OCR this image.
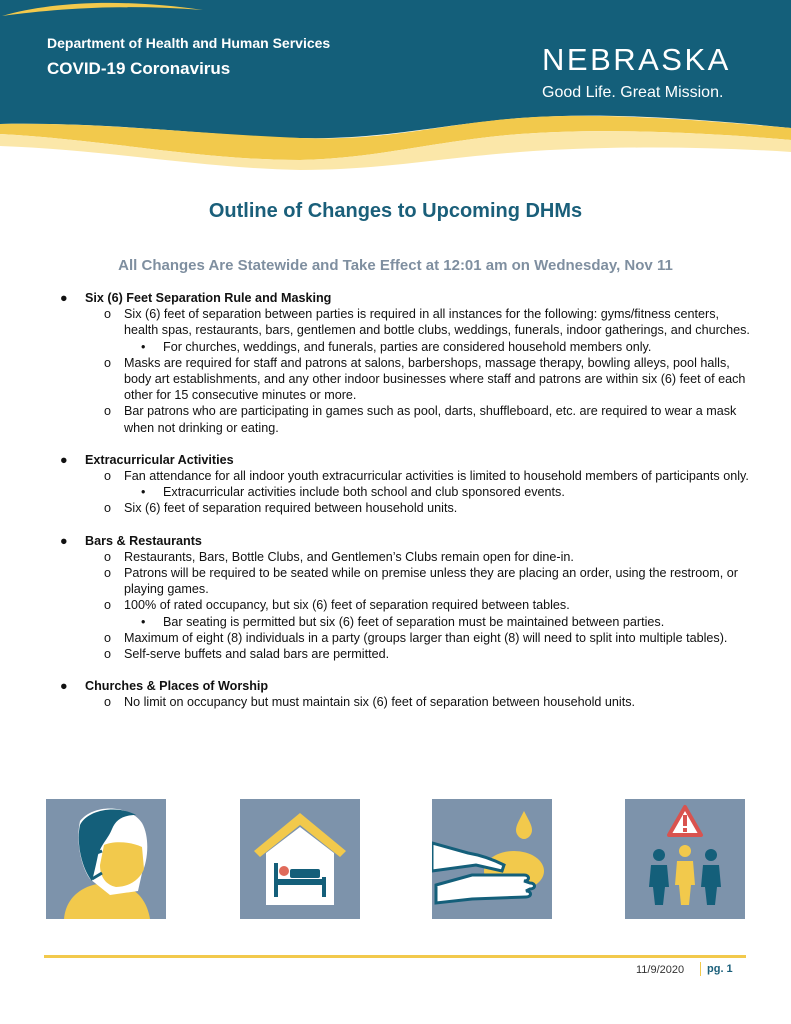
Department of Health and Human Services
COVID-19 Coronavirus	NEBRASKA
Good Life. Great Mission.
Outline of Changes to Upcoming DHMs
All Changes Are Statewide and Take Effect at 12:01 am on Wednesday, Nov 11
● Six (6) Feet Separation Rule and Masking
o Six (6) feet of separation between parties is required in all instances for the following: gyms/fitness centers, health spas, restaurants, bars, gentlemen and bottle clubs, weddings, funerals, indoor gatherings, and churches.
• For churches, weddings, and funerals, parties are considered household members only.
o Masks are required for staff and patrons at salons, barbershops, massage therapy, bowling alleys, pool halls, body art establishments, and any other indoor businesses where staff and patrons are within six (6) feet of each other for 15 consecutive minutes or more.
o Bar patrons who are participating in games such as pool, darts, shuffleboard, etc. are required to wear a mask when not drinking or eating.
● Extracurricular Activities
o Fan attendance for all indoor youth extracurricular activities is limited to household members of participants only.
• Extracurricular activities include both school and club sponsored events.
o Six (6) feet of separation required between household units.
● Bars & Restaurants
o Restaurants, Bars, Bottle Clubs, and Gentlemen’s Clubs remain open for dine-in.
o Patrons will be required to be seated while on premise unless they are placing an order, using the restroom, or playing games.
o 100% of rated occupancy, but six (6) feet of separation required between tables.
• Bar seating is permitted but six (6) feet of separation must be maintained between parties.
o Maximum of eight (8) individuals in a party (groups larger than eight (8) will need to split into multiple tables).
o Self-serve buffets and salad bars are permitted.
● Churches & Places of Worship
o No limit on occupancy but must maintain six (6) feet of separation between household units.
11/9/2020 pg. 1
